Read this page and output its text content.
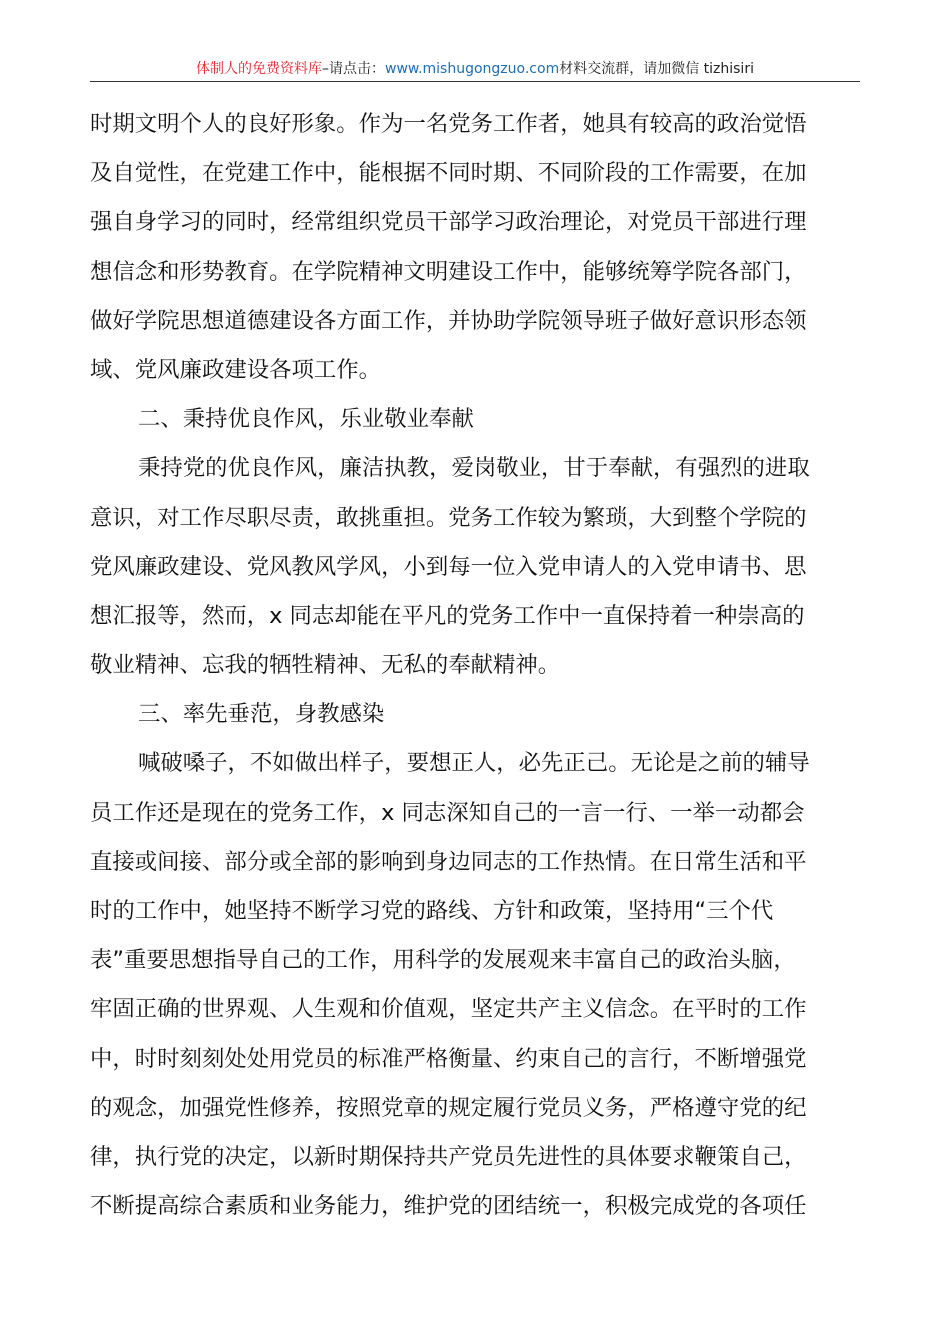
体制人的免费资料库–请点击：www.mishugongzuo.com材料交流群，请加微信 tizhisiri
时期文明个人的良好形象。作为一名党务工作者，她具有较高的政治觉悟
及自觉性，在党建工作中，能根据不同时期、不同阶段的工作需要，在加
强自身学习的同时，经常组织党员干部学习政治理论，对党员干部进行理
想信念和形势教育。在学院精神文明建设工作中，能够统筹学院各部门，
做好学院思想道德建设各方面工作，并协助学院领导班子做好意识形态领
域、党风廉政建设各项工作。
二、秉持优良作风，乐业敬业奉献
秉持党的优良作风，廉洁执教，爱岗敬业，甘于奉献，有强烈的进取
意识，对工作尽职尽责，敢挑重担。党务工作较为繁琐，大到整个学院的
党风廉政建设、党风教风学风，小到每一位入党申请人的入党申请书、思
想汇报等，然而，x 同志却能在平凡的党务工作中一直保持着一种崇高的
敬业精神、忘我的牺牲精神、无私的奉献精神。
三、率先垂范，身教感染
喊破嗓子，不如做出样子，要想正人，必先正己。无论是之前的辅导
员工作还是现在的党务工作，x 同志深知自己的一言一行、一举一动都会
直接或间接、部分或全部的影响到身边同志的工作热情。在日常生活和平
时的工作中，她坚持不断学习党的路线、方针和政策，坚持用“三个代
表”重要思想指导自己的工作，用科学的发展观来丰富自己的政治头脑，
牢固正确的世界观、人生观和价值观，坚定共产主义信念。在平时的工作
中，时时刻刻处处用党员的标准严格衡量、约束自己的言行，不断增强党
的观念，加强党性修养，按照党章的规定履行党员义务，严格遵守党的纪
律，执行党的决定，以新时期保持共产党员先进性的具体要求鞭策自己，
不断提高综合素质和业务能力，维护党的团结统一，积极完成党的各项任
